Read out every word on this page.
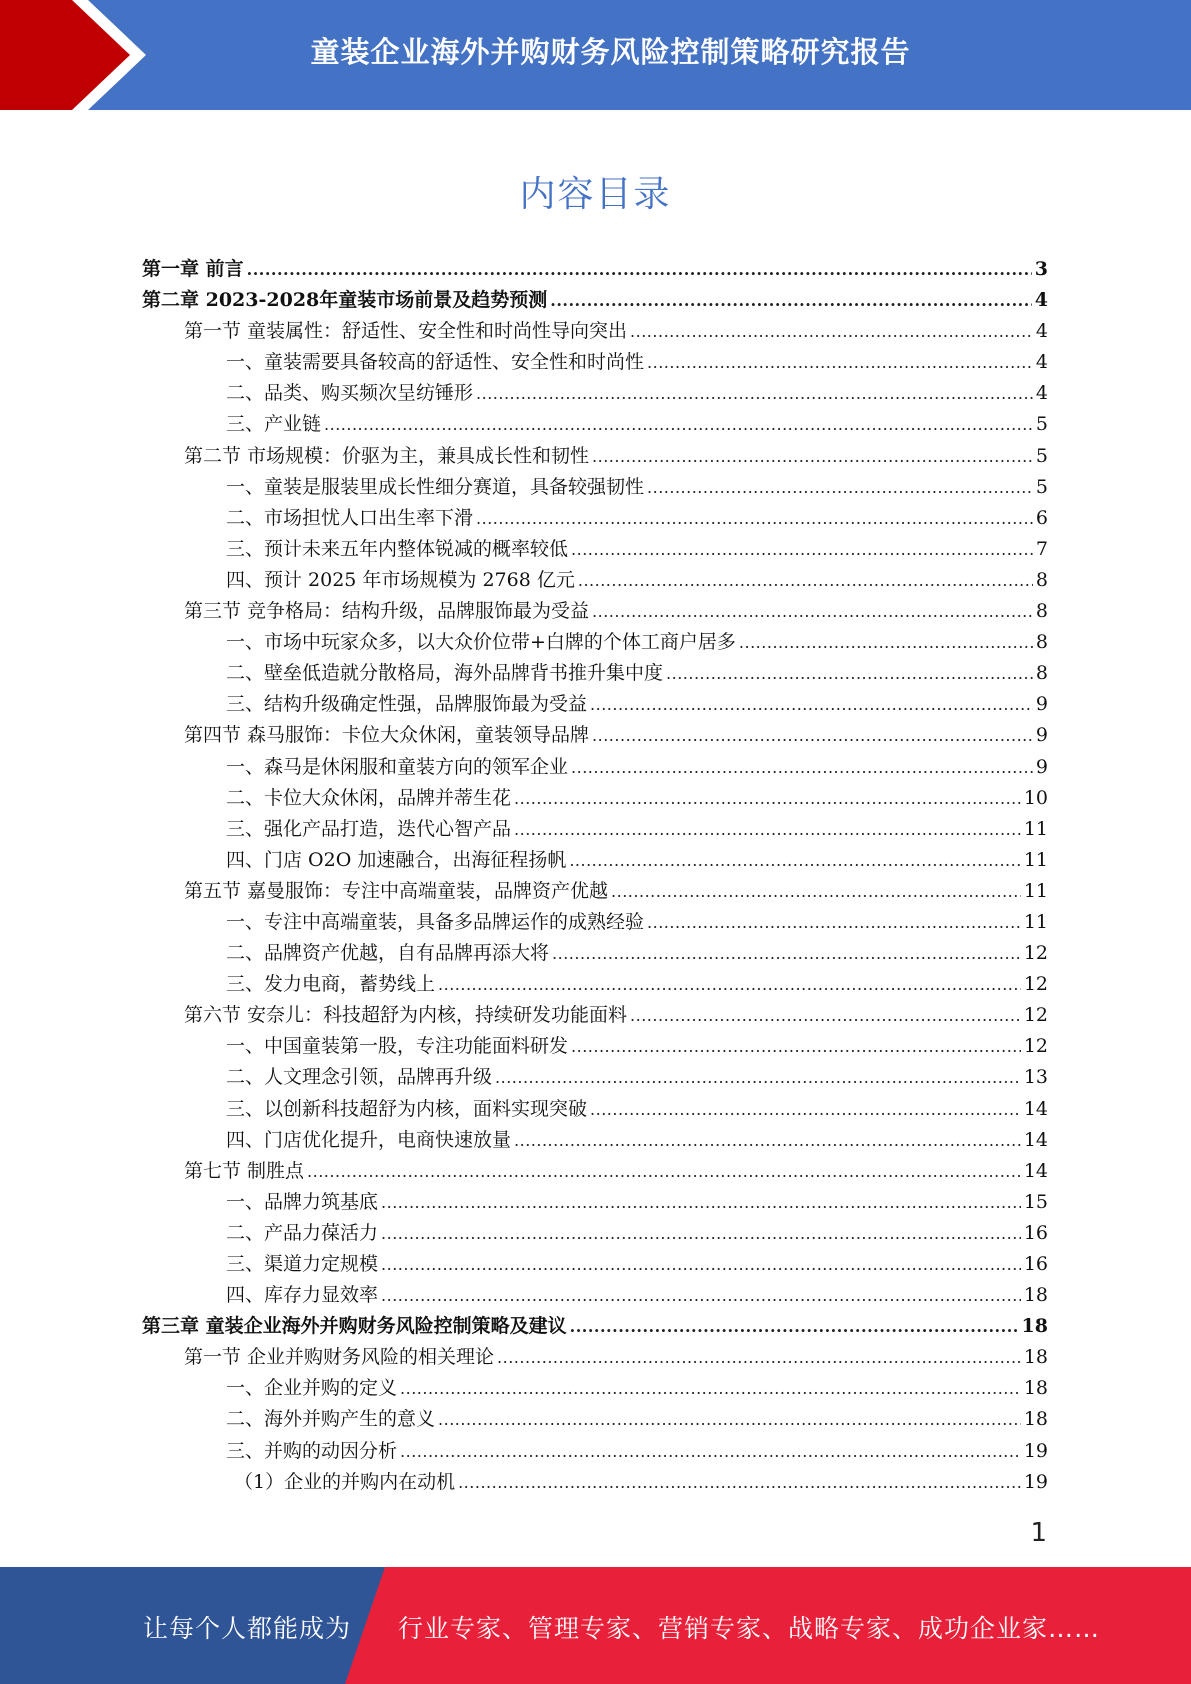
童装企业海外并购财务风险控制策略研究报告
内容目录
第一章 前言 .....	3
第二章 2023-2028年童装市场前景及趋势预测 .....	4
第一节 童装属性：舒适性、安全性和时尚性导向突出 .....	4
一、童装需要具备较高的舒适性、安全性和时尚性 .....	4
二、品类、购买频次呈纺锤形 .....	4
三、产业链 .....	5
第二节 市场规模：价驱为主，兼具成长性和韧性 .....	5
一、童装是服装里成长性细分赛道，具备较强韧性 .....	5
二、市场担忧人口出生率下滑 .....	6
三、预计未来五年内整体锐减的概率较低 .....	7
四、预计 2025 年市场规模为 2768 亿元 .....	8
第三节 竞争格局：结构升级，品牌服饰最为受益 .....	8
一、市场中玩家众多，以大众价位带+白牌的个体工商户居多 .....	8
二、壁垒低造就分散格局，海外品牌背书推升集中度 .....	8
三、结构升级确定性强，品牌服饰最为受益 .....	9
第四节 森马服饰：卡位大众休闲，童装领导品牌 .....	9
一、森马是休闲服和童装方向的领军企业 .....	9
二、卡位大众休闲，品牌并蒂生花 .....	10
三、强化产品打造，迭代心智产品 .....	11
四、门店 O2O 加速融合，出海征程扬帆 .....	11
第五节 嘉曼服饰：专注中高端童装，品牌资产优越 .....	11
一、专注中高端童装，具备多品牌运作的成熟经验 .....	11
二、品牌资产优越，自有品牌再添大将 .....	12
三、发力电商，蓄势线上 .....	12
第六节 安奈儿：科技超舒为内核，持续研发功能面料 .....	12
一、中国童装第一股，专注功能面料研发 .....	12
二、人文理念引领，品牌再升级 .....	13
三、以创新科技超舒为内核，面料实现突破 .....	14
四、门店优化提升，电商快速放量 .....	14
第七节 制胜点 .....	14
一、品牌力筑基底 .....	15
二、产品力葆活力 .....	16
三、渠道力定规模 .....	16
四、库存力显效率 .....	18
第三章 童装企业海外并购财务风险控制策略及建议 .....	18
第一节 企业并购财务风险的相关理论 .....	18
一、企业并购的定义 .....	18
二、海外并购产生的意义 .....	18
三、并购的动因分析 .....	19
（1）企业的并购内在动机 .....	19
1
让每个人都能成为 行业专家、管理专家、营销专家、战略专家、成功企业家……
